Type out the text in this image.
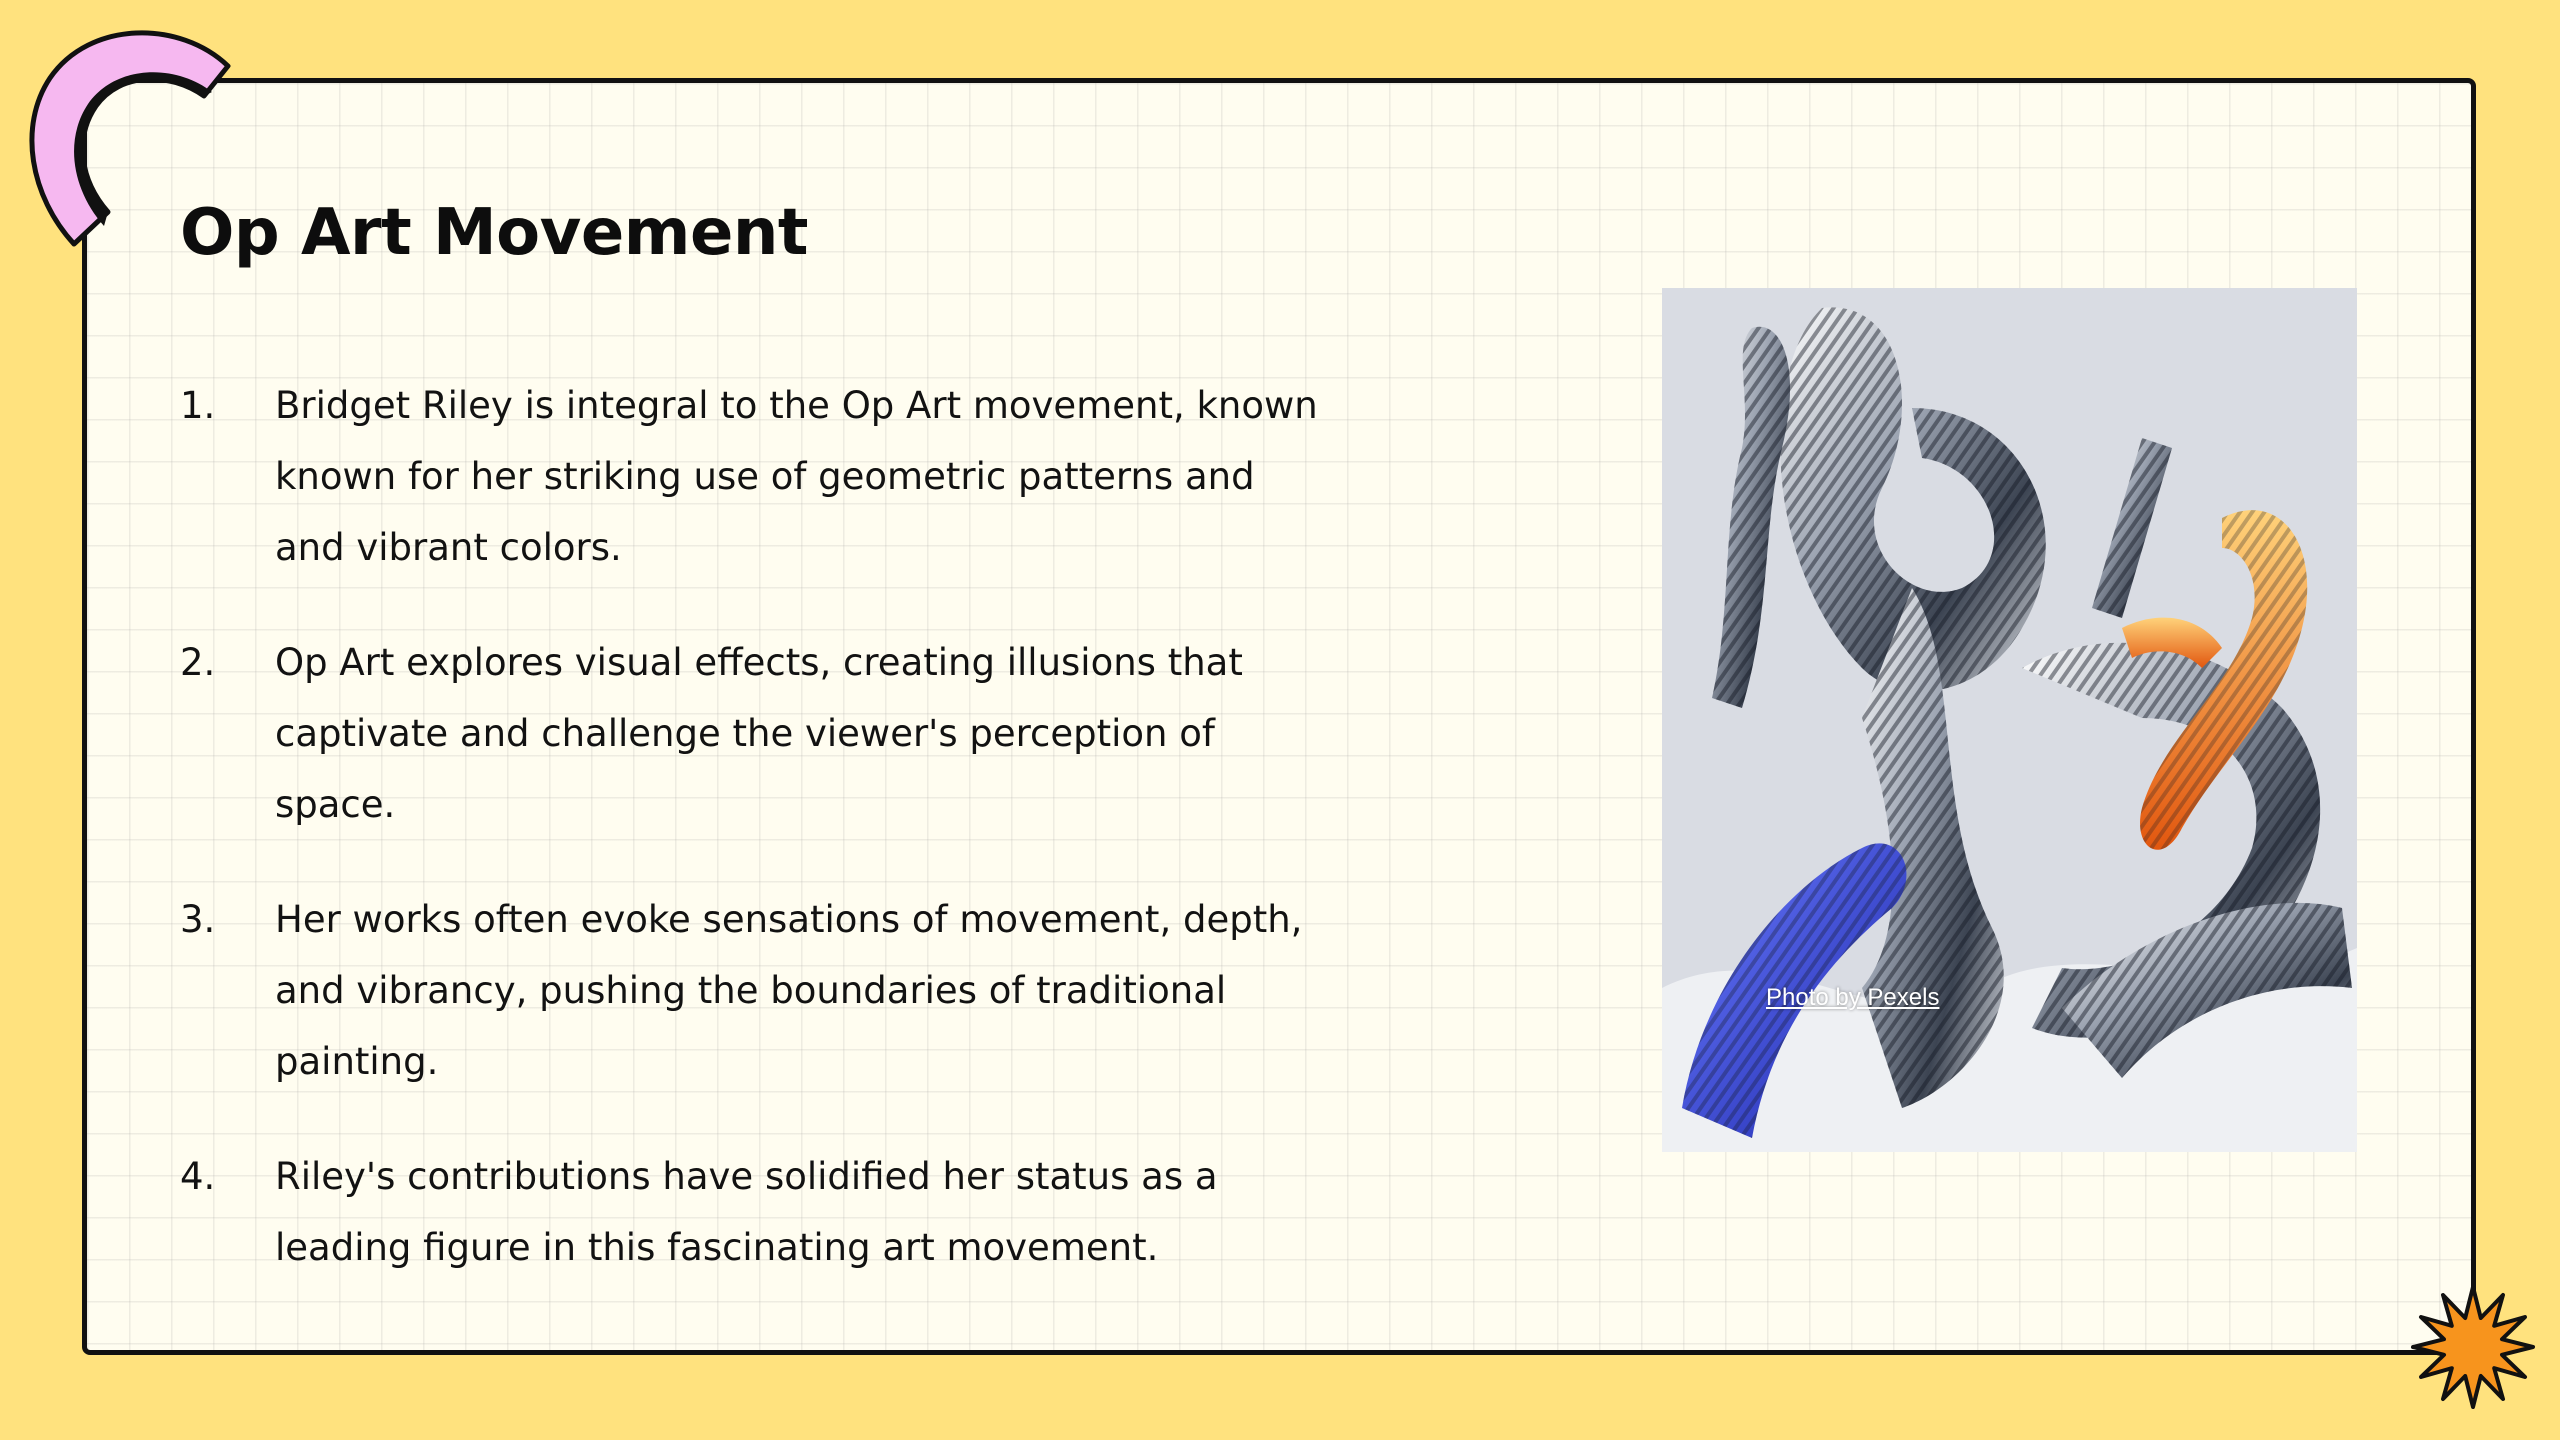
Op Art Movement
1. Bridget Riley is integral to the Op Art movement, known known for her striking use of geometric patterns and and vibrant colors.
2. Op Art explores visual effects, creating illusions that captivate and challenge the viewer's perception of space.
3. Her works often evoke sensations of movement, depth, and vibrancy, pushing the boundaries of traditional painting.
4. Riley's contributions have solidified her status as a leading figure in this fascinating art movement.
Photo by Pexels
